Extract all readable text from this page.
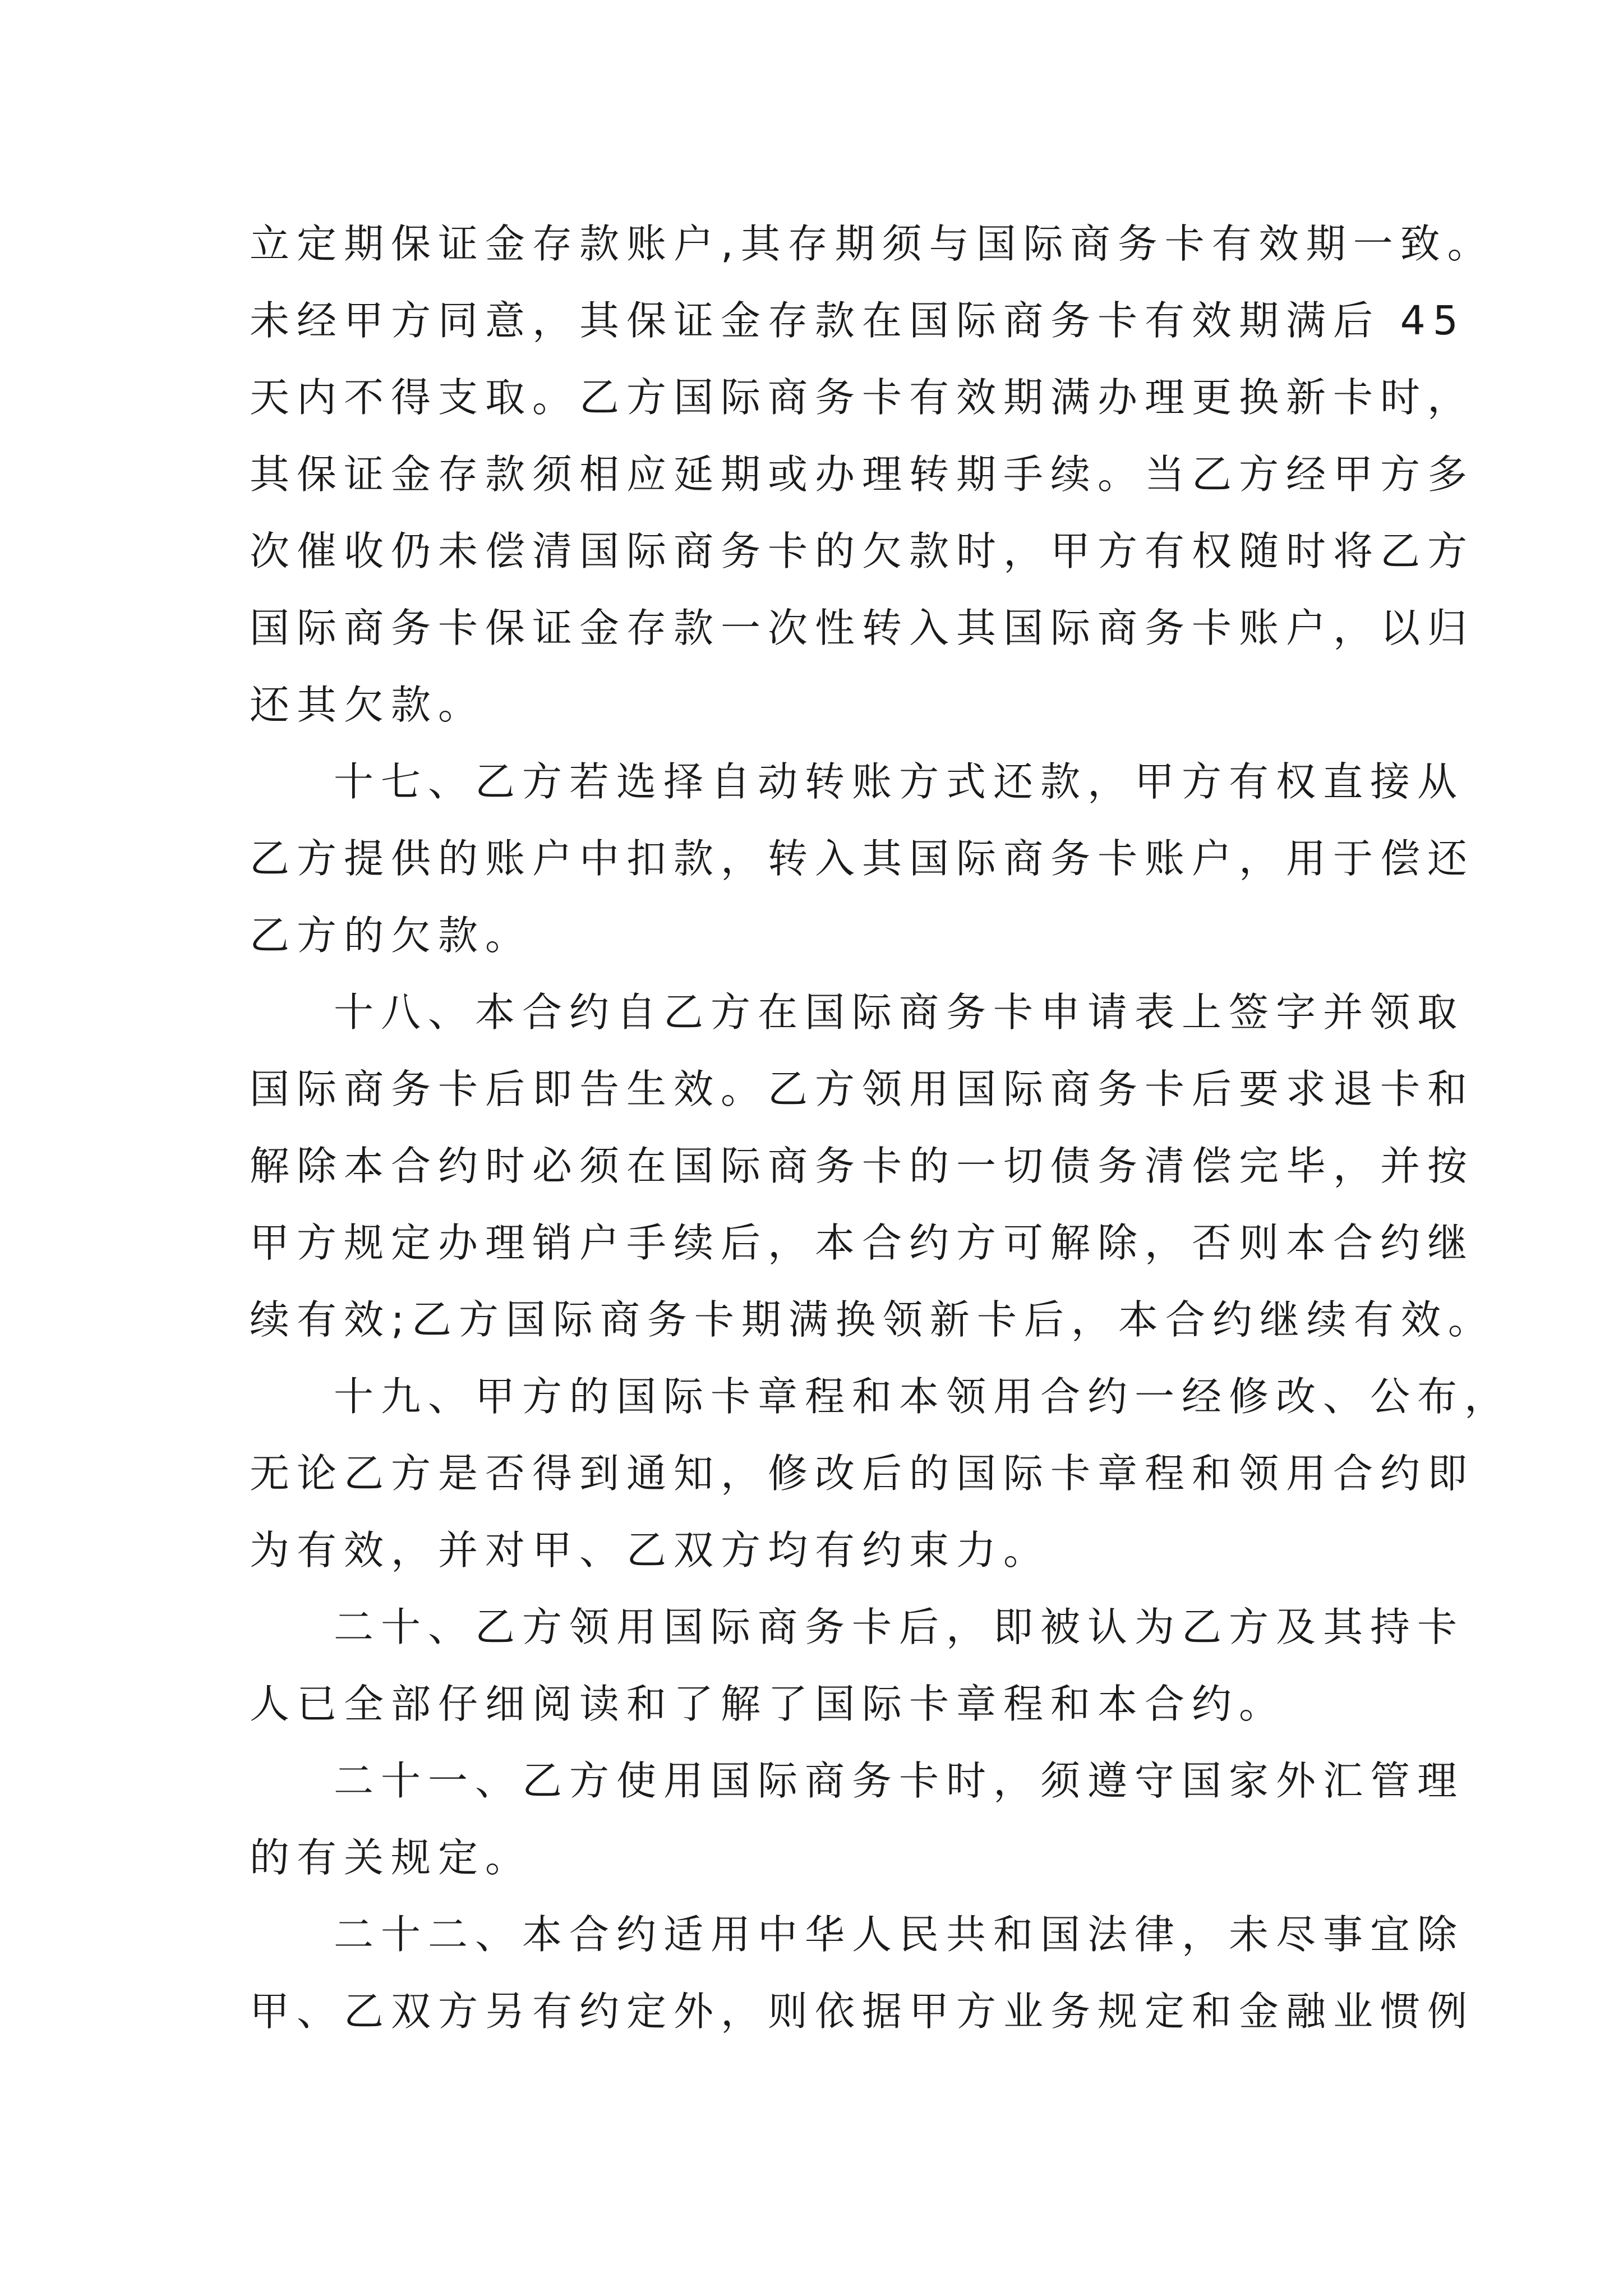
立定期保证金存款账户,其存期须与国际商务卡有效期一致。

未经甲方同意，其保证金存款在国际商务卡有效期满后 45

天内不得支取。乙方国际商务卡有效期满办理更换新卡时，

其保证金存款须相应延期或办理转期手续。当乙方经甲方多

次催收仍未偿清国际商务卡的欠款时，甲方有权随时将乙方

国际商务卡保证金存款一次性转入其国际商务卡账户，以归

还其欠款。

十七、乙方若选择自动转账方式还款，甲方有权直接从

乙方提供的账户中扣款，转入其国际商务卡账户，用于偿还

乙方的欠款。

十八、本合约自乙方在国际商务卡申请表上签字并领取

国际商务卡后即告生效。乙方领用国际商务卡后要求退卡和

解除本合约时必须在国际商务卡的一切债务清偿完毕，并按

甲方规定办理销户手续后，本合约方可解除，否则本合约继

续有效;乙方国际商务卡期满换领新卡后，本合约继续有效。

十九、甲方的国际卡章程和本领用合约一经修改、公布，

无论乙方是否得到通知，修改后的国际卡章程和领用合约即

为有效，并对甲、乙双方均有约束力。

二十、乙方领用国际商务卡后，即被认为乙方及其持卡

人已全部仔细阅读和了解了国际卡章程和本合约。

二十一、乙方使用国际商务卡时，须遵守国家外汇管理

的有关规定。

二十二、本合约适用中华人民共和国法律，未尽事宜除

甲、乙双方另有约定外，则依据甲方业务规定和金融业惯例
